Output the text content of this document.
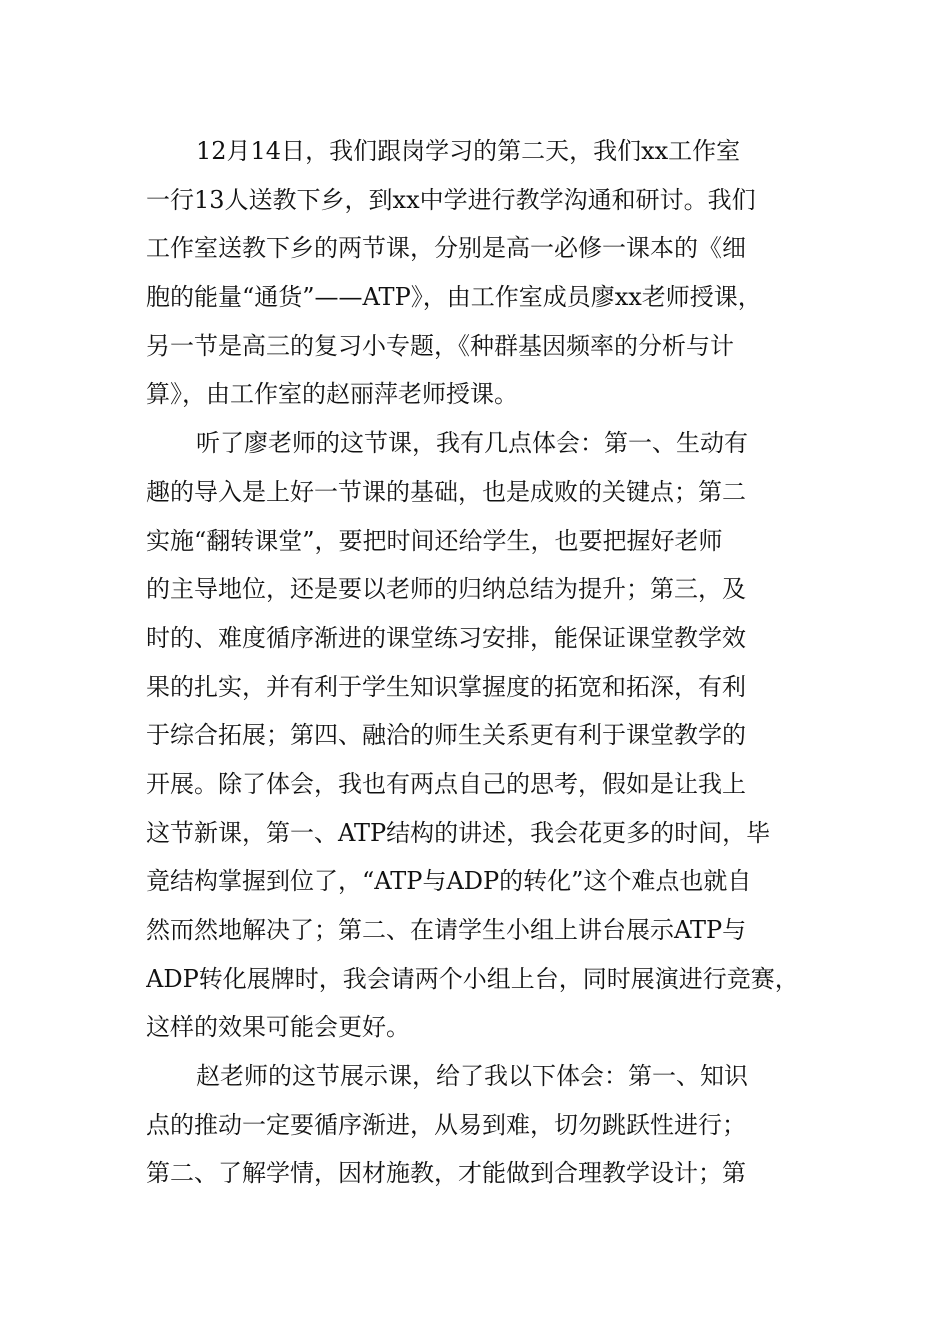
12月14日，我们跟岗学习的第二天，我们xx工作室
一行13人送教下乡，到xx中学进行教学沟通和研讨。我们
工作室送教下乡的两节课，分别是高一必修一课本的《细
胞的能量“通货”——ATP》，由工作室成员廖xx老师授课，
另一节是高三的复习小专题，《种群基因频率的分析与计
算》，由工作室的赵丽萍老师授课。
听了廖老师的这节课，我有几点体会：第一、生动有
趣的导入是上好一节课的基础，也是成败的关键点；第二
实施“翻转课堂”，要把时间还给学生，也要把握好老师
的主导地位，还是要以老师的归纳总结为提升；第三，及
时的、难度循序渐进的课堂练习安排，能保证课堂教学效
果的扎实，并有利于学生知识掌握度的拓宽和拓深，有利
于综合拓展；第四、融洽的师生关系更有利于课堂教学的
开展。除了体会，我也有两点自己的思考，假如是让我上
这节新课，第一、ATP结构的讲述，我会花更多的时间，毕
竟结构掌握到位了，“ATP与ADP的转化”这个难点也就自
然而然地解决了；第二、在请学生小组上讲台展示ATP与
ADP转化展牌时，我会请两个小组上台，同时展演进行竞赛，
这样的效果可能会更好。
赵老师的这节展示课，给了我以下体会：第一、知识
点的推动一定要循序渐进，从易到难，切勿跳跃性进行；
第二、了解学情，因材施教，才能做到合理教学设计；第
